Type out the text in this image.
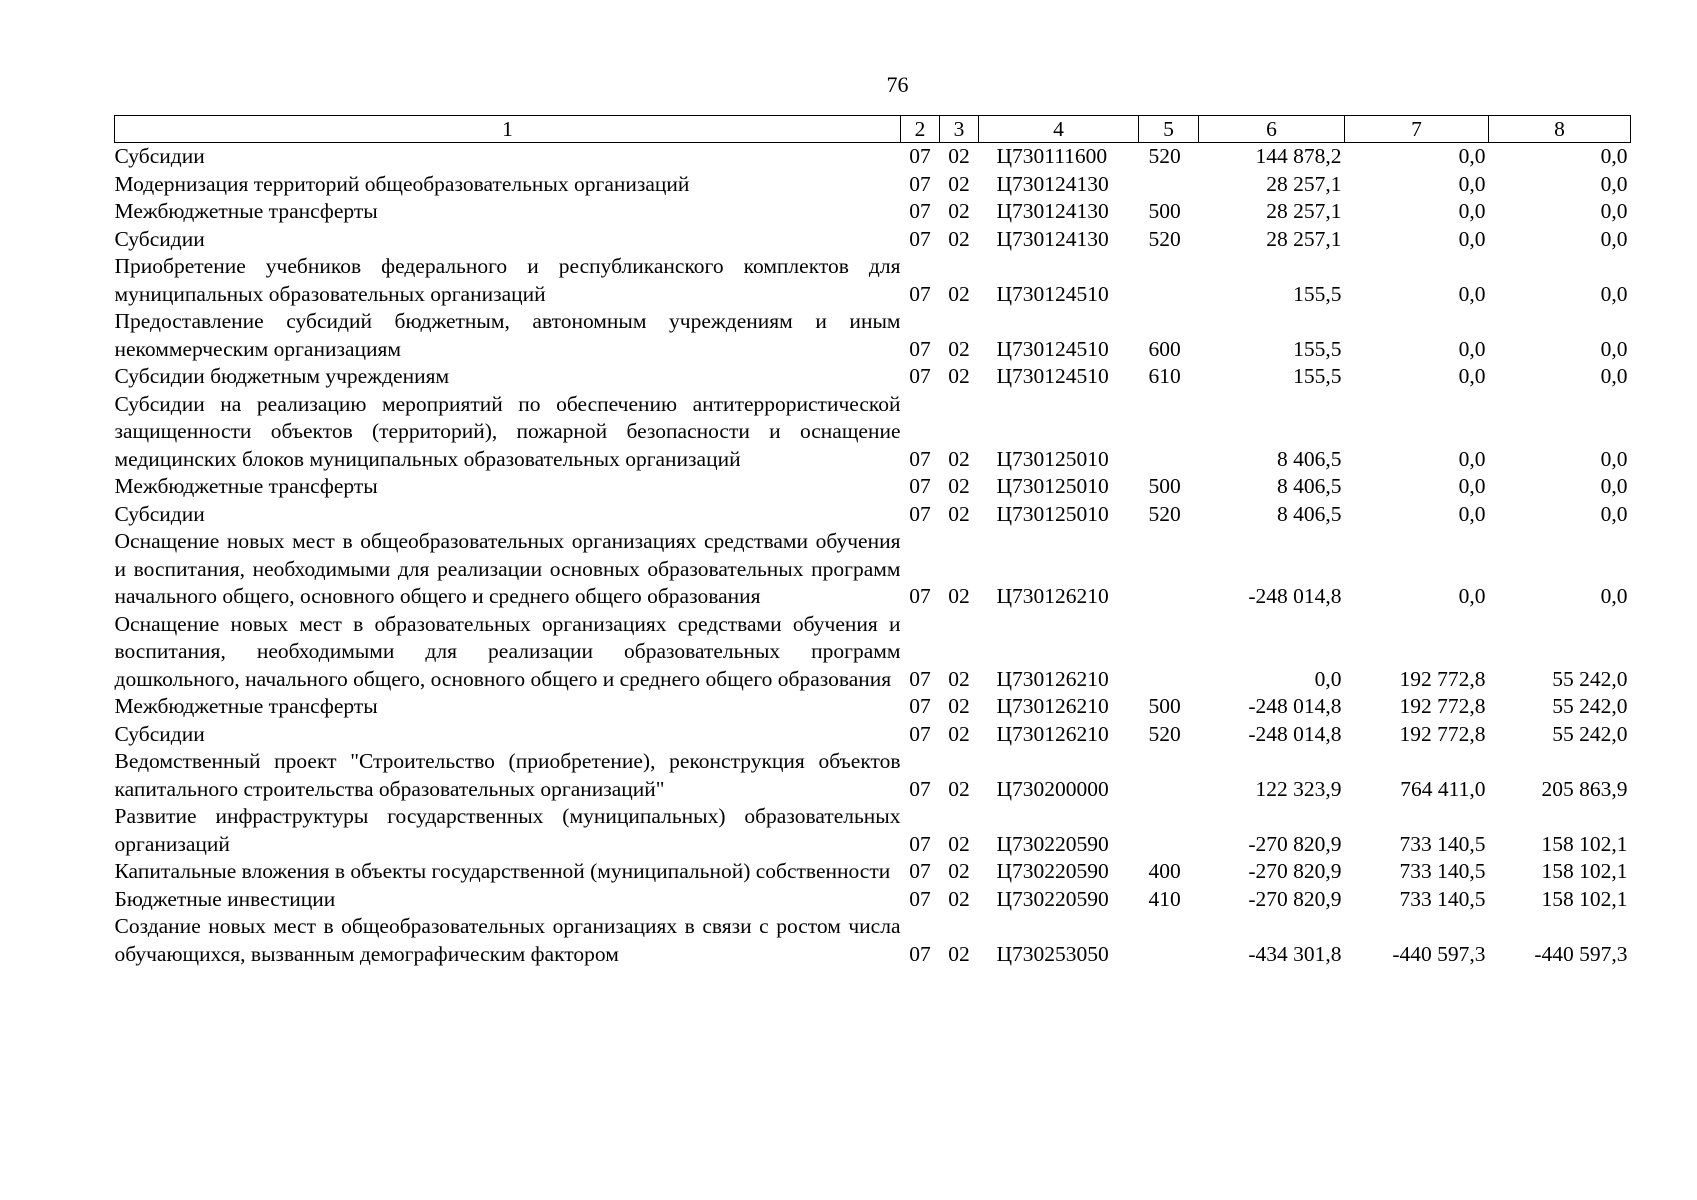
76
1	2	3	4	5	6	7	8
Субсидии	07	02	Ц730111600	520	144 878,2	0,0	0,0
Модернизация территорий общеобразовательных организаций	07	02	Ц730124130		28 257,1	0,0	0,0
Межбюджетные трансферты	07	02	Ц730124130	500	28 257,1	0,0	0,0
Субсидии	07	02	Ц730124130	520	28 257,1	0,0	0,0
Приобретение учебников федерального и республиканского комплектов для муниципальных образовательных организаций	07	02	Ц730124510		155,5	0,0	0,0
Предоставление субсидий бюджетным, автономным учреждениям и иным некоммерческим организациям	07	02	Ц730124510	600	155,5	0,0	0,0
Субсидии бюджетным учреждениям	07	02	Ц730124510	610	155,5	0,0	0,0
Субсидии на реализацию мероприятий по обеспечению антитеррористической защищенности объектов (территорий), пожарной безопасности и оснащение медицинских блоков муниципальных образовательных организаций	07	02	Ц730125010		8 406,5	0,0	0,0
Межбюджетные трансферты	07	02	Ц730125010	500	8 406,5	0,0	0,0
Субсидии	07	02	Ц730125010	520	8 406,5	0,0	0,0
Оснащение новых мест в общеобразовательных организациях средствами обучения и воспитания, необходимыми для реализации основных образовательных программ начального общего, основного общего и среднего общего образования	07	02	Ц730126210		-248 014,8	0,0	0,0
Оснащение новых мест в образовательных организациях средствами обучения и воспитания, необходимыми для реализации образовательных программ дошкольного, начального общего, основного общего и среднего общего образования	07	02	Ц730126210		0,0	192 772,8	55 242,0
Межбюджетные трансферты	07	02	Ц730126210	500	-248 014,8	192 772,8	55 242,0
Субсидии	07	02	Ц730126210	520	-248 014,8	192 772,8	55 242,0
Ведомственный проект "Строительство (приобретение), реконструкция объектов капитального строительства образовательных организаций"	07	02	Ц730200000		122 323,9	764 411,0	205 863,9
Развитие инфраструктуры государственных (муниципальных) образовательных организаций	07	02	Ц730220590		-270 820,9	733 140,5	158 102,1
Капитальные вложения в объекты государственной (муниципальной) собственности	07	02	Ц730220590	400	-270 820,9	733 140,5	158 102,1
Бюджетные инвестиции	07	02	Ц730220590	410	-270 820,9	733 140,5	158 102,1
Создание новых мест в общеобразовательных организациях в связи с ростом числа обучающихся, вызванным демографическим фактором	07	02	Ц730253050		-434 301,8	-440 597,3	-440 597,3
